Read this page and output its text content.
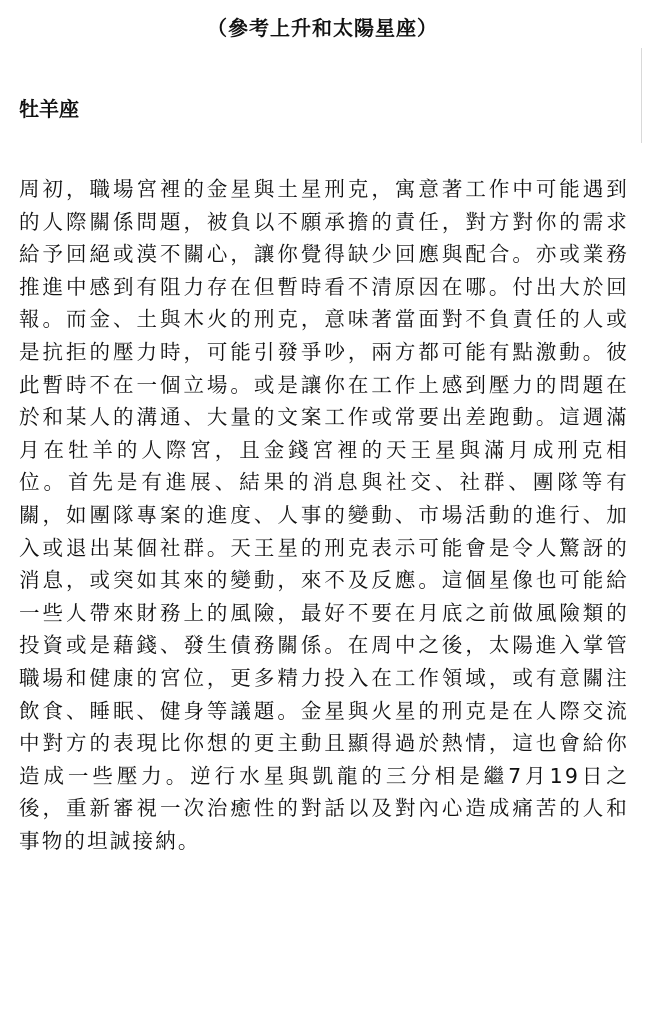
（參考上升和太陽星座）
牡羊座

周初，職場宮裡的金星與土星刑克，寓意著工作中可能遇到的人際關係問題，被負以不願承擔的責任，對方對你的需求給予回絕或漠不關心，讓你覺得缺少回應與配合。亦或業務推進中感到有阻力存在但暫時看不清原因在哪。付出大於回報。而金、土與木火的刑克，意味著當面對不負責任的人或是抗拒的壓力時，可能引發爭吵，兩方都可能有點激動。彼此暫時不在一個立場。或是讓你在工作上感到壓力的問題在於和某人的溝通、大量的文案工作或常要出差跑動。這週滿月在牡羊的人際宮，且金錢宮裡的天王星與滿月成刑克相位。首先是有進展、結果的消息與社交、社群、團隊等有關，如團隊專案的進度、人事的變動、市場活動的進行、加入或退出某個社群。天王星的刑克表示可能會是令人驚訝的消息，或突如其來的變動，來不及反應。這個星像也可能給一些人帶來財務上的風險，最好不要在月底之前做風險類的投資或是藉錢、發生債務關係。在周中之後，太陽進入掌管職場和健康的宮位，更多精力投入在工作領域，或有意關注飲食、睡眠、健身等議題。金星與火星的刑克是在人際交流中對方的表現比你想的更主動且顯得過於熱情，這也會給你造成一些壓力。逆行水星與凱龍的三分相是繼7月19日之後，重新審視一次治癒性的對話以及對內心造成痛苦的人和事物的坦誠接納。
